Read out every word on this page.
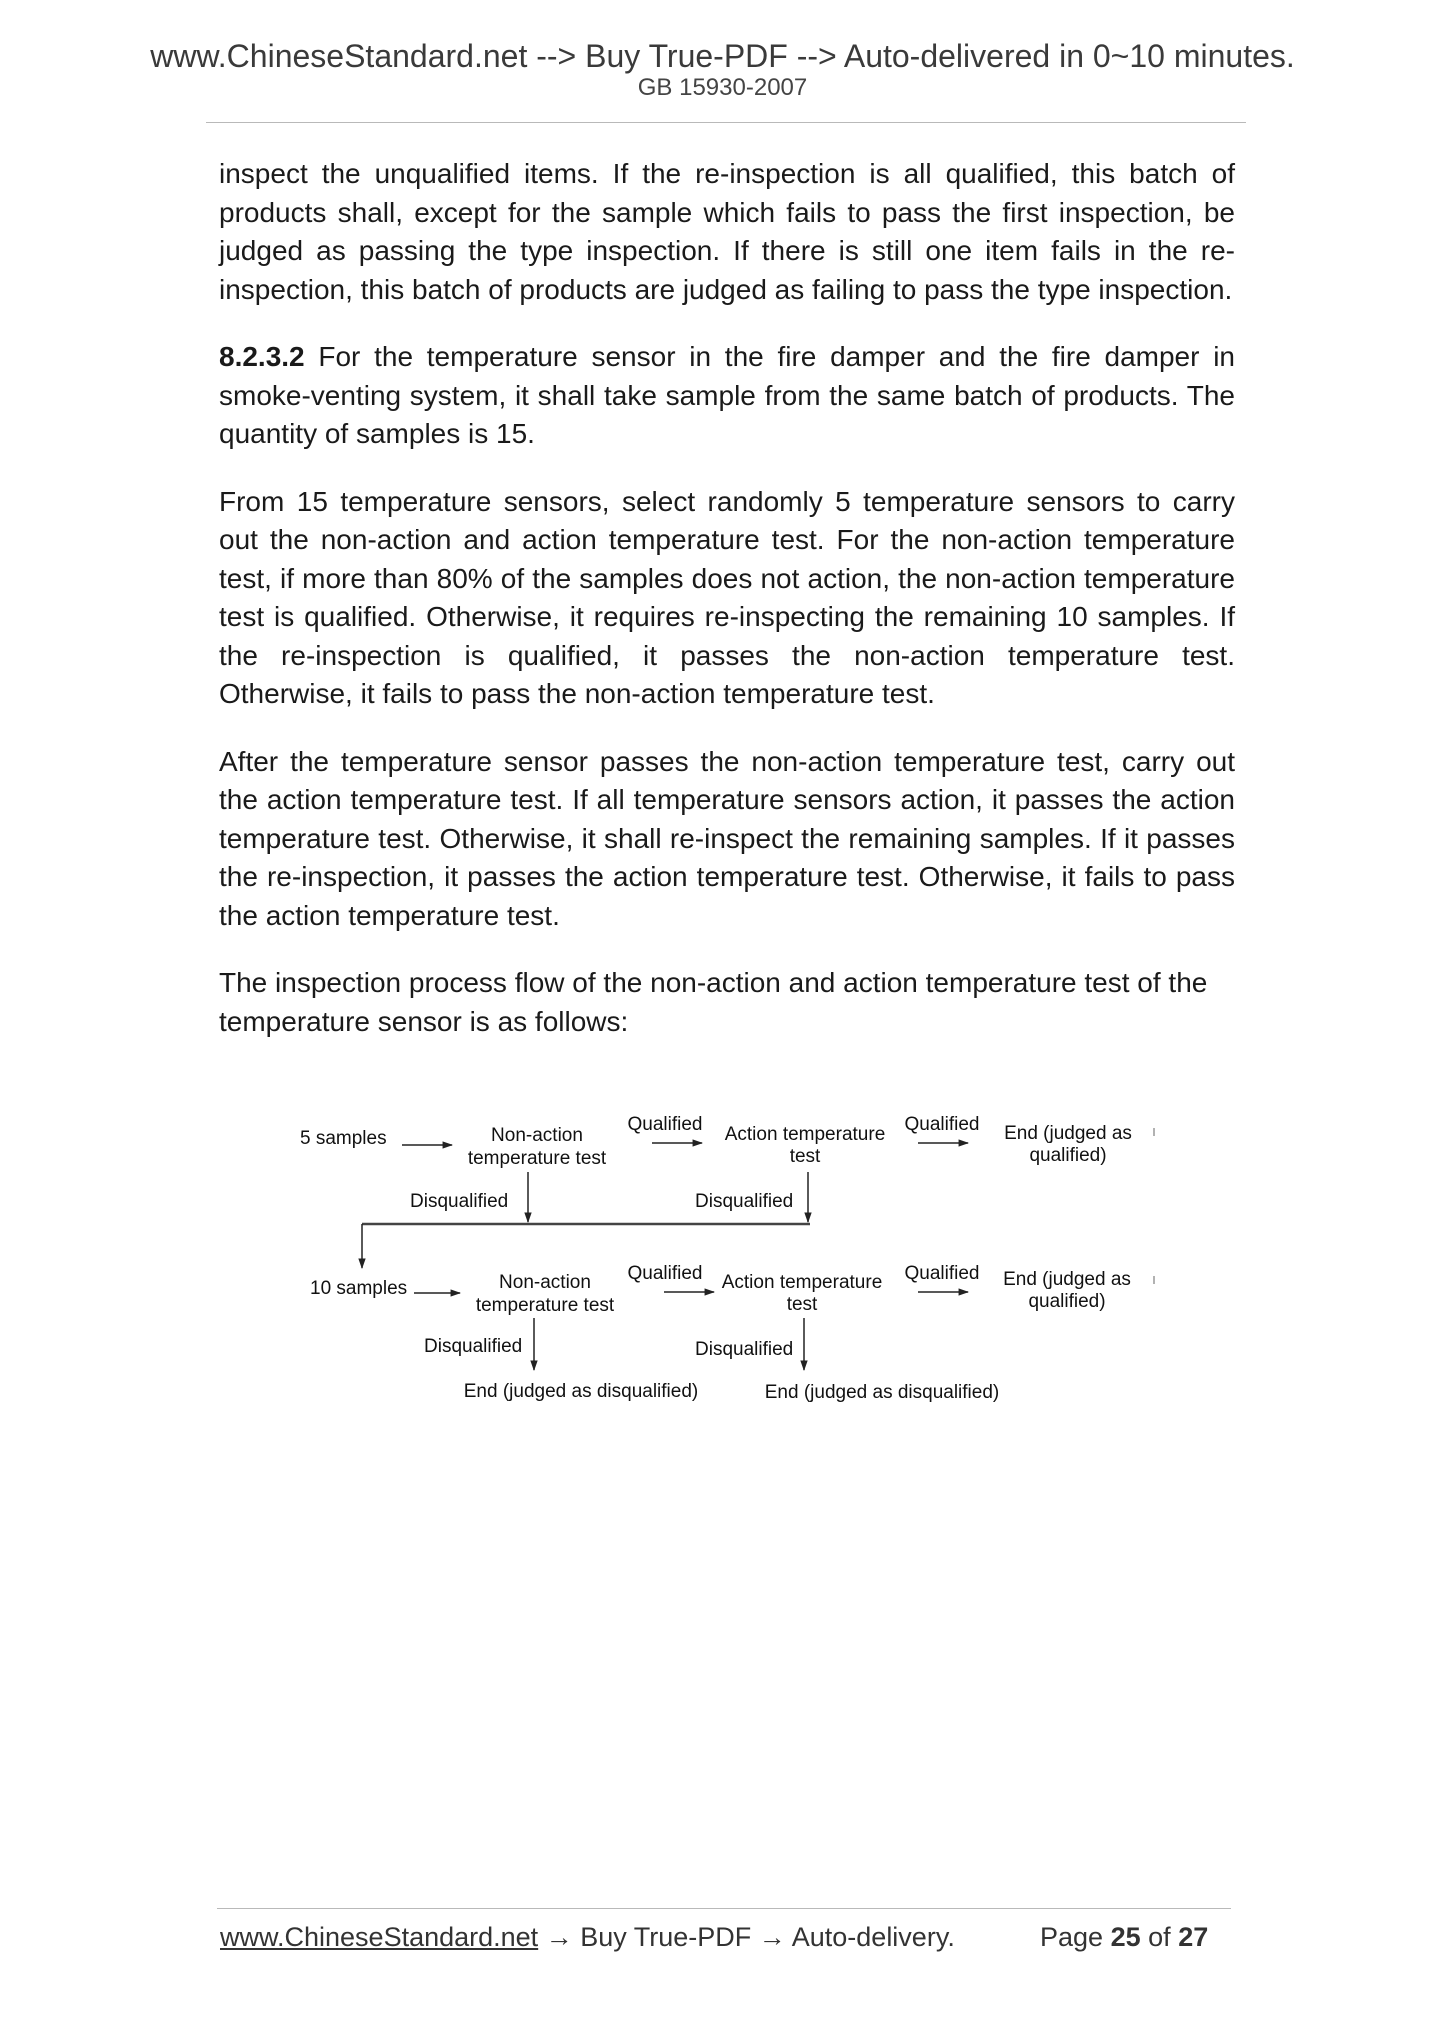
www.ChineseStandard.net --> Buy True-PDF --> Auto-delivered in 0~10 minutes.
GB 15930-2007

inspect the unqualified items. If the re-inspection is all qualified, this batch of products shall, except for the sample which fails to pass the first inspection, be judged as passing the type inspection. If there is still one item fails in the re-inspection, this batch of products are judged as failing to pass the type inspection.

8.2.3.2 For the temperature sensor in the fire damper and the fire damper in smoke-venting system, it shall take sample from the same batch of products. The quantity of samples is 15.

From 15 temperature sensors, select randomly 5 temperature sensors to carry out the non-action and action temperature test. For the non-action temperature test, if more than 80% of the samples does not action, the non-action temperature test is qualified. Otherwise, it requires re-inspecting the remaining 10 samples. If the re-inspection is qualified, it passes the non-action temperature test. Otherwise, it fails to pass the non-action temperature test.

After the temperature sensor passes the non-action temperature test, carry out the action temperature test. If all temperature sensors action, it passes the action temperature test. Otherwise, it shall re-inspect the remaining samples. If it passes the re-inspection, it passes the action temperature test. Otherwise, it fails to pass the action temperature test.

The inspection process flow of the non-action and action temperature test of the temperature sensor is as follows:

5 samples	Non-action
temperature test
Qualified Action temperature
test
Qualified End (judged as
qualified)
Disqualified	Disqualified
10 samples	Non-action
temperature test
Qualified Action temperature
test
Qualified End (judged as
qualified)
Disqualified	Disqualified
End (judged as disqualified)	End (judged as disqualified)
www.ChineseStandard.net → Buy True-PDF → Auto-delivery.	Page 25 of 27
